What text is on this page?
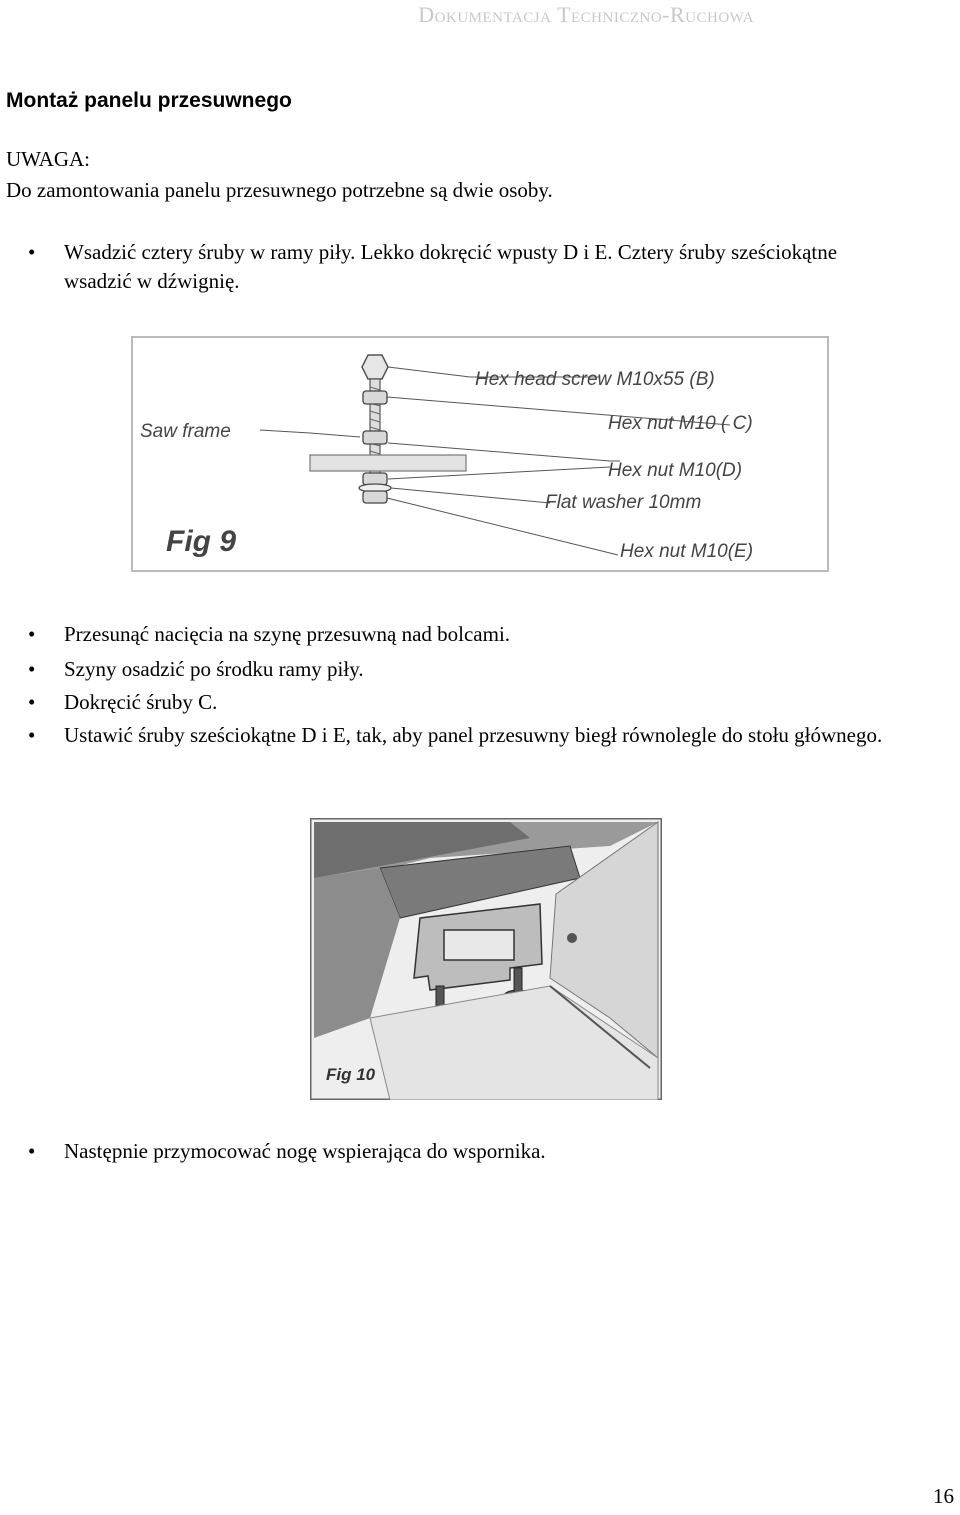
Dokumentacja Techniczno-Ruchowa
Montaż panelu przesuwnego
UWAGA:
Do zamontowania panelu przesuwnego potrzebne są dwie osoby.
•	Wsadzić cztery śruby w ramy piły. Lekko dokręcić wpusty D i E. Cztery śruby sześciokątne wsadzić w dźwignię.
Hex head screw M10x55 (B)
Hex nut M10 ( C)
Hex nut M10(D)
Flat washer 10mm
Hex nut M10(E)
Saw frame
Fig 9
•	Przesunąć nacięcia na szynę przesuwną nad bolcami.
•	Szyny osadzić po środku ramy piły.
•	Dokręcić śruby C.
•	Ustawić śruby sześciokątne D i E, tak, aby panel przesuwny biegł równolegle do stołu głównego.
Fig 10
•	Następnie przymocować nogę wspierająca do wspornika.
16
